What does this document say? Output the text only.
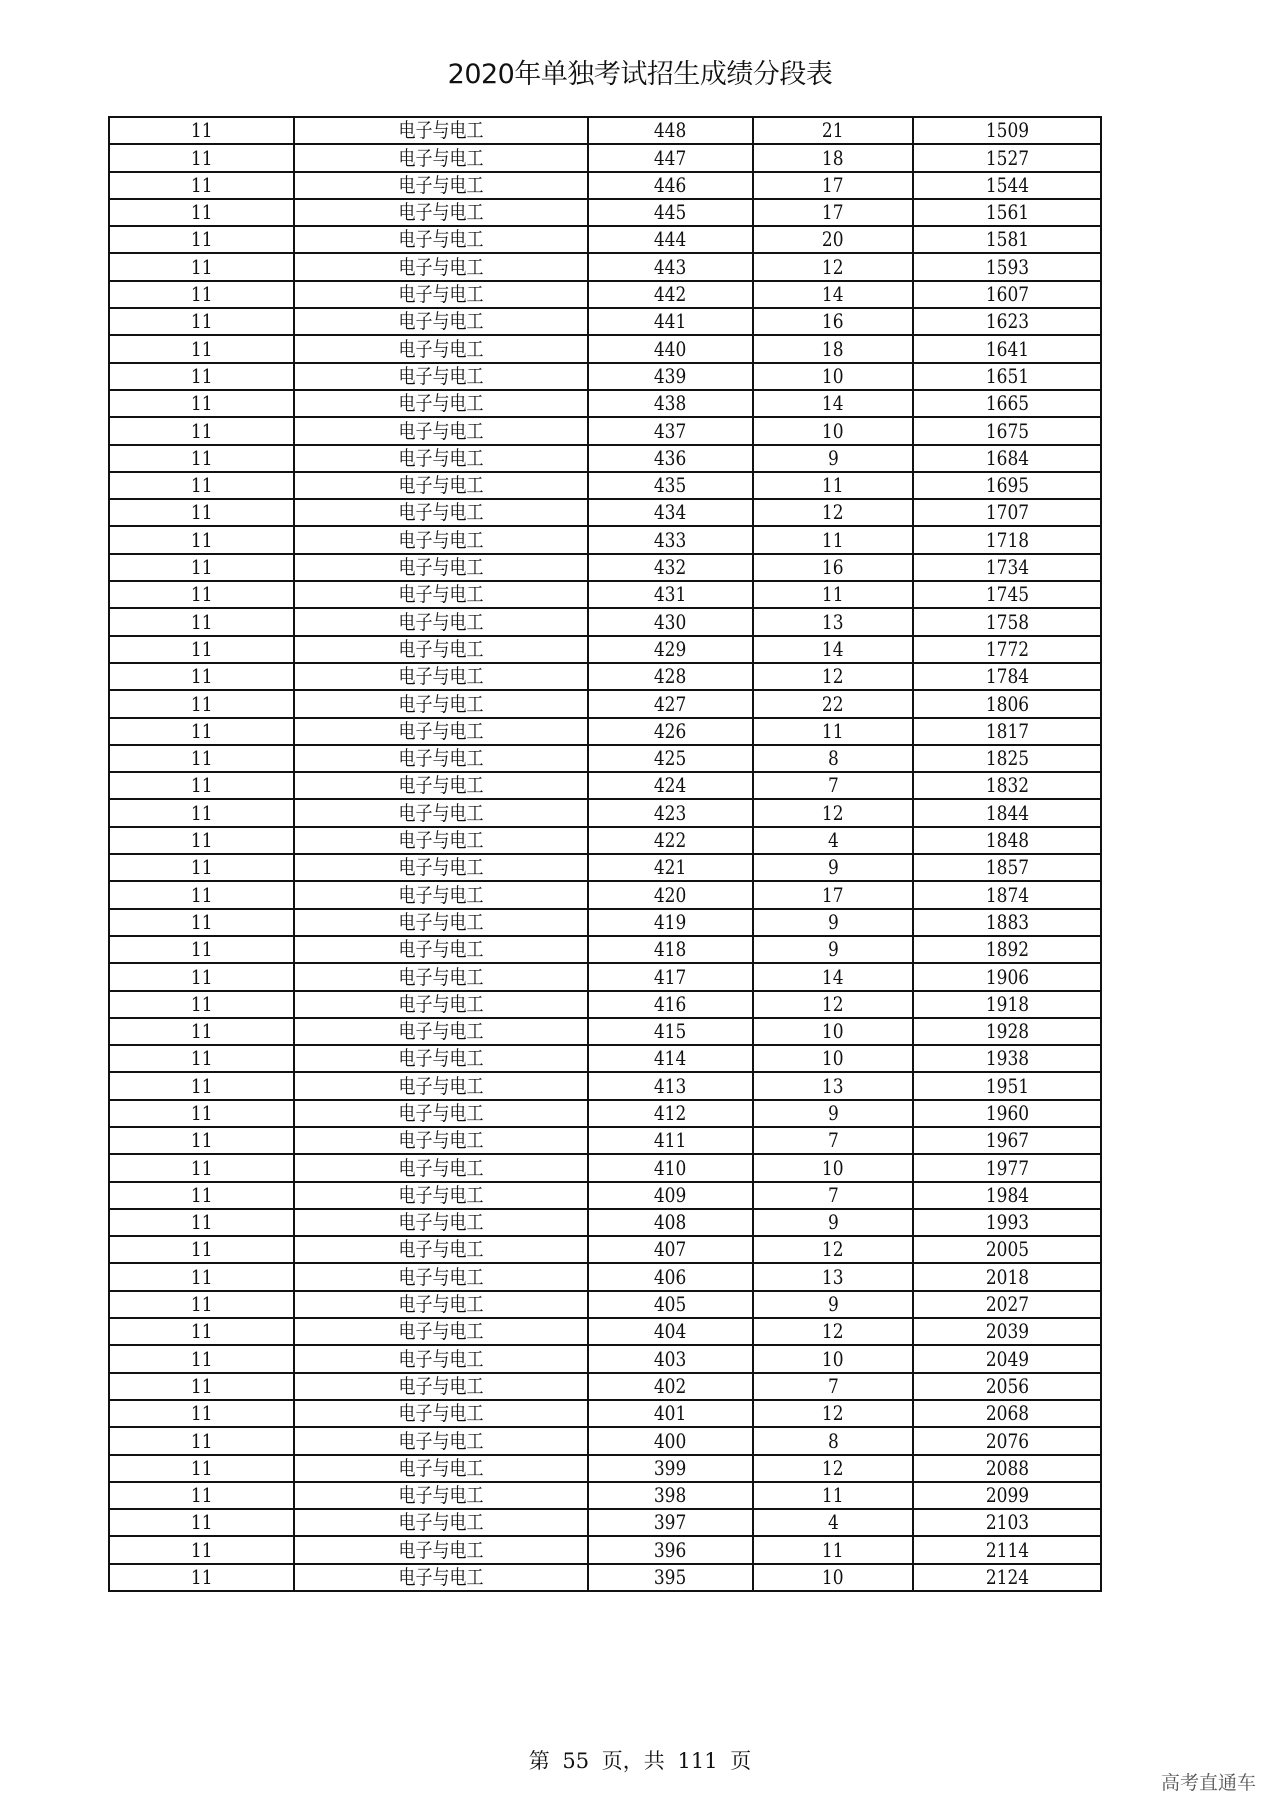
2020年单独考试招生成绩分段表
11	电子与电工	448	21	1509
11	电子与电工	447	18	1527
11	电子与电工	446	17	1544
11	电子与电工	445	17	1561
11	电子与电工	444	20	1581
11	电子与电工	443	12	1593
11	电子与电工	442	14	1607
11	电子与电工	441	16	1623
11	电子与电工	440	18	1641
11	电子与电工	439	10	1651
11	电子与电工	438	14	1665
11	电子与电工	437	10	1675
11	电子与电工	436	9	1684
11	电子与电工	435	11	1695
11	电子与电工	434	12	1707
11	电子与电工	433	11	1718
11	电子与电工	432	16	1734
11	电子与电工	431	11	1745
11	电子与电工	430	13	1758
11	电子与电工	429	14	1772
11	电子与电工	428	12	1784
11	电子与电工	427	22	1806
11	电子与电工	426	11	1817
11	电子与电工	425	8	1825
11	电子与电工	424	7	1832
11	电子与电工	423	12	1844
11	电子与电工	422	4	1848
11	电子与电工	421	9	1857
11	电子与电工	420	17	1874
11	电子与电工	419	9	1883
11	电子与电工	418	9	1892
11	电子与电工	417	14	1906
11	电子与电工	416	12	1918
11	电子与电工	415	10	1928
11	电子与电工	414	10	1938
11	电子与电工	413	13	1951
11	电子与电工	412	9	1960
11	电子与电工	411	7	1967
11	电子与电工	410	10	1977
11	电子与电工	409	7	1984
11	电子与电工	408	9	1993
11	电子与电工	407	12	2005
11	电子与电工	406	13	2018
11	电子与电工	405	9	2027
11	电子与电工	404	12	2039
11	电子与电工	403	10	2049
11	电子与电工	402	7	2056
11	电子与电工	401	12	2068
11	电子与电工	400	8	2076
11	电子与电工	399	12	2088
11	电子与电工	398	11	2099
11	电子与电工	397	4	2103
11	电子与电工	396	11	2114
11	电子与电工	395	10	2124
第 55 页，共 111 页
高考直通车
